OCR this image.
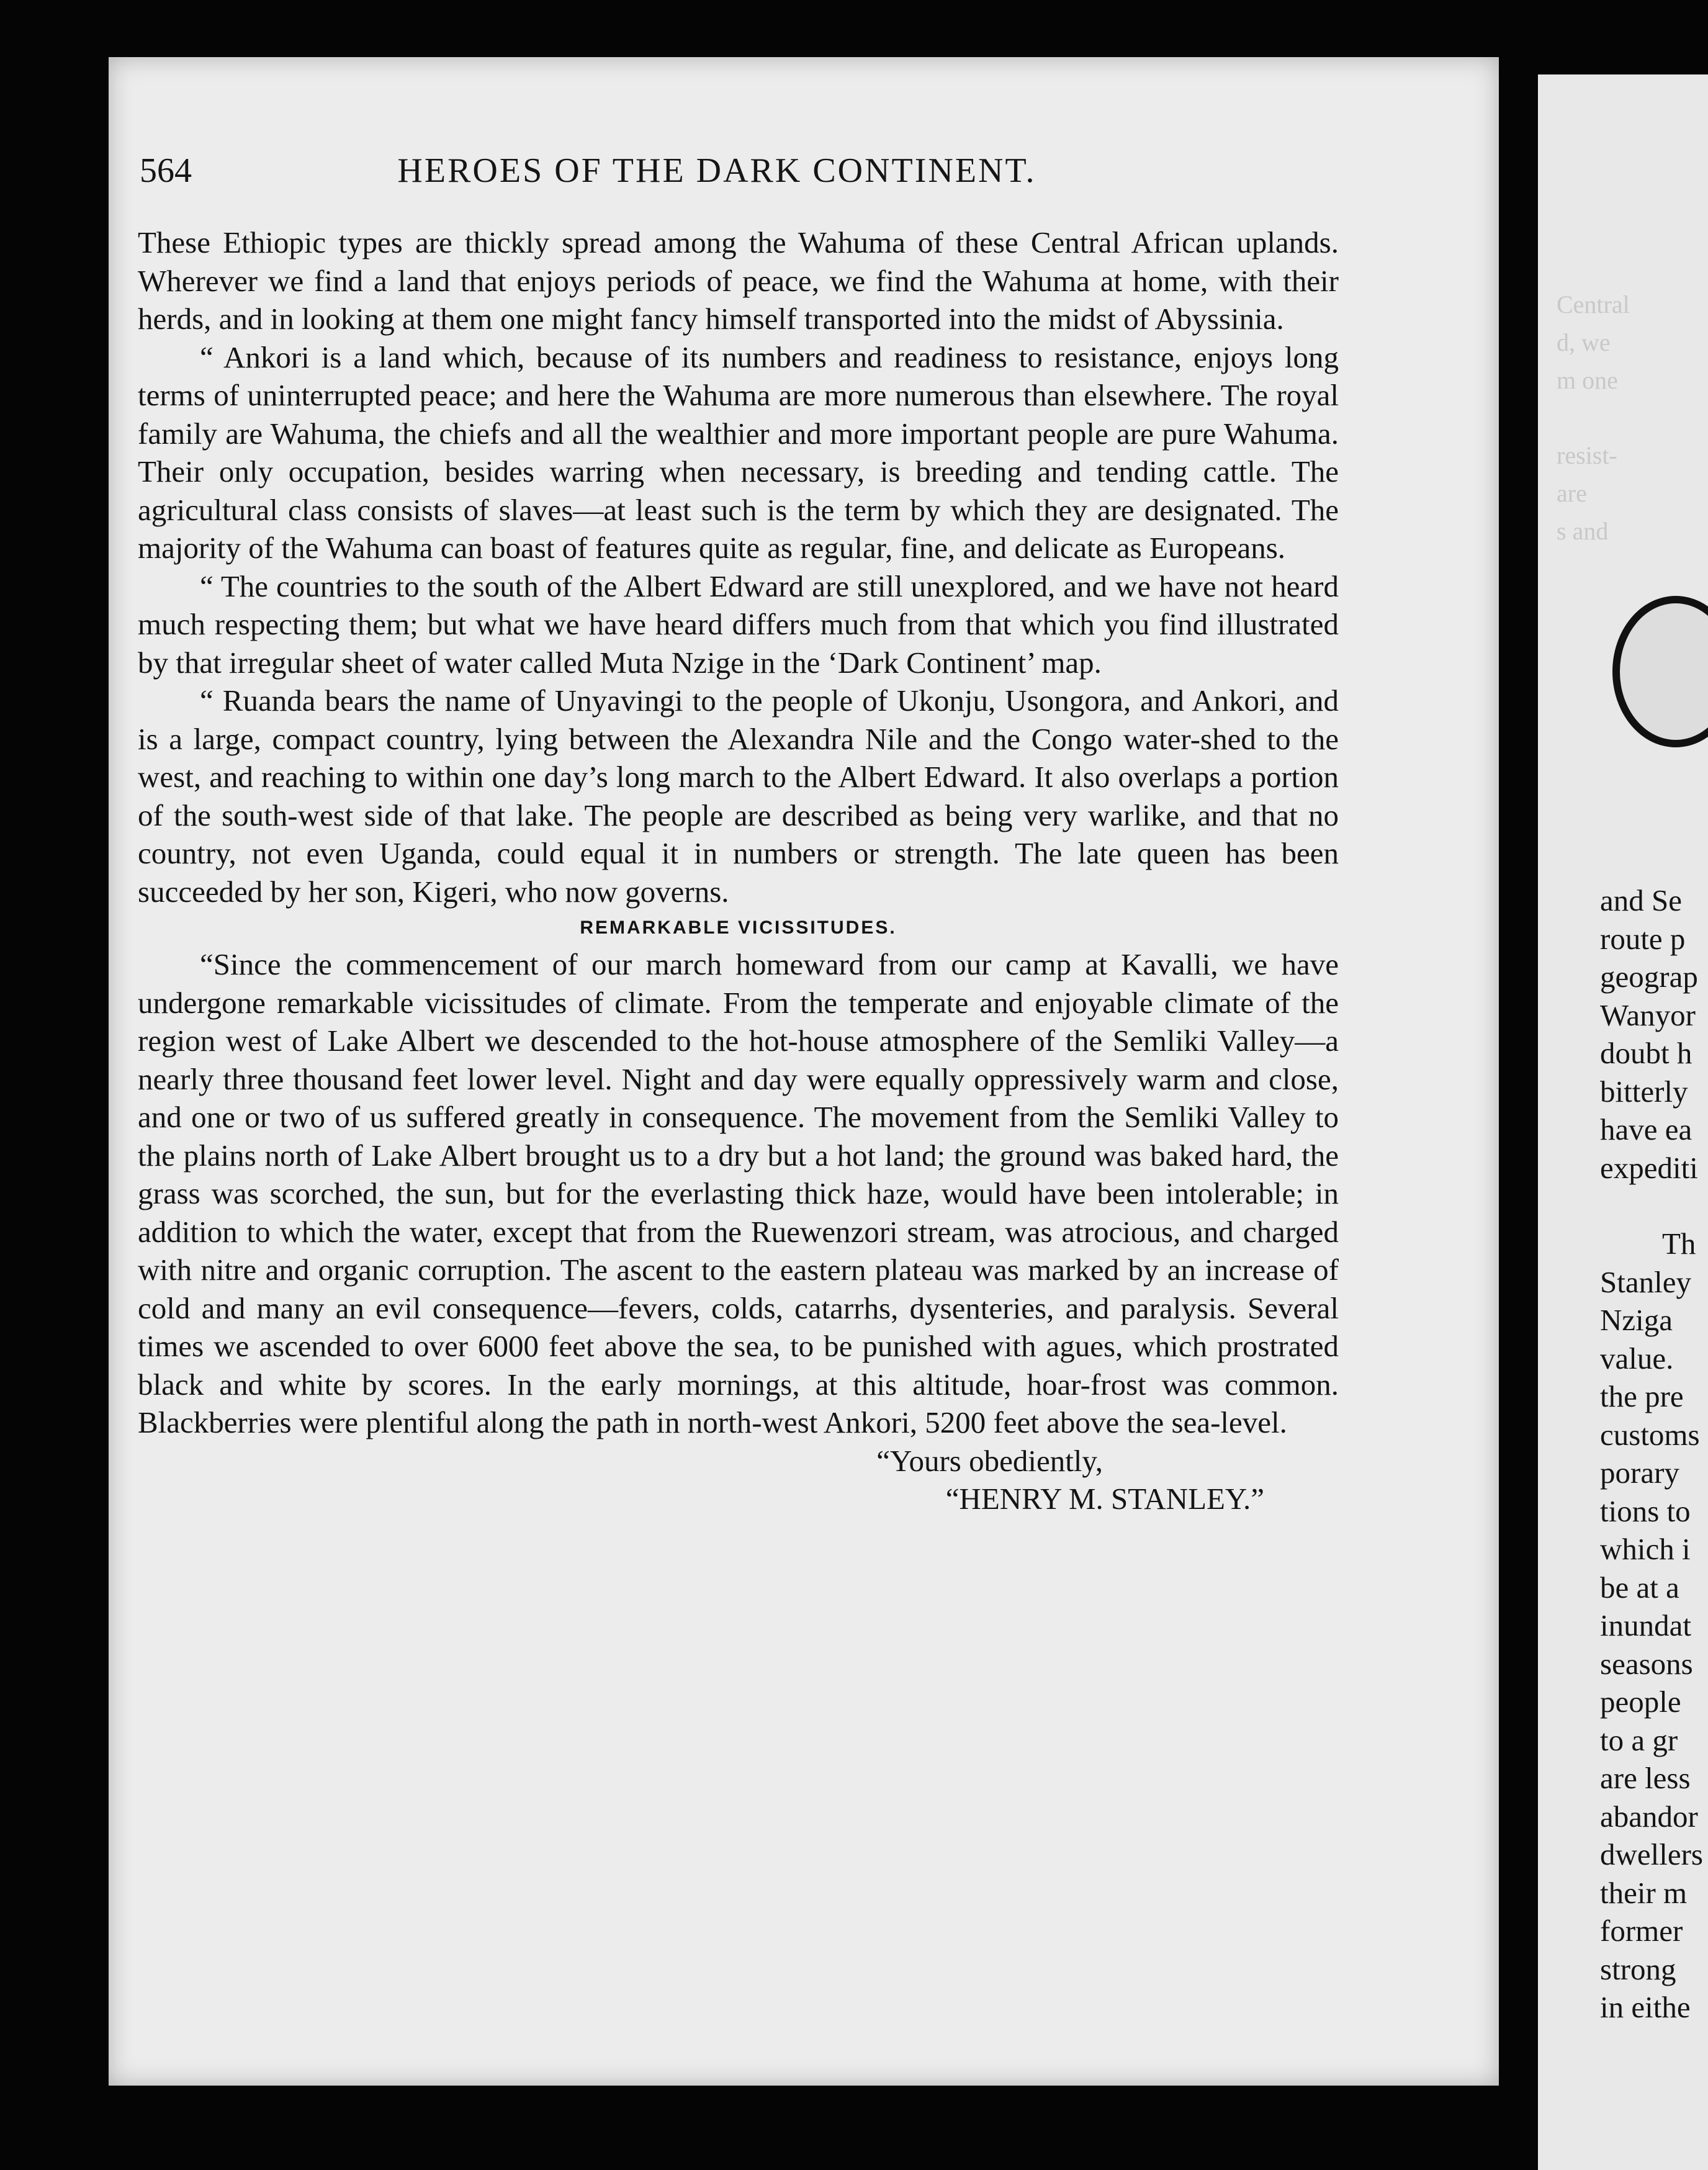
564	HEROES OF THE DARK CONTINENT.

These Ethiopic types are thickly spread among the Wahuma of these Central African uplands. Wherever we find a land that enjoys periods of peace, we find the Wahuma at home, with their herds, and in looking at them one might fancy himself transported into the midst of Abyssinia.

“ Ankori is a land which, because of its numbers and readiness to resistance, enjoys long terms of uninterrupted peace; and here the Wahuma are more numerous than elsewhere. The royal family are Wahuma, the chiefs and all the wealthier and more important people are pure Wahuma. Their only occupation, besides warring when necessary, is breeding and tending cattle. The agricultural class consists of slaves—at least such is the term by which they are designated. The majority of the Wahuma can boast of features quite as regular, fine, and delicate as Europeans.

“ The countries to the south of the Albert Edward are still unexplored, and we have not heard much respecting them; but what we have heard differs much from that which you find illustrated by that irregular sheet of water called Muta Nzige in the ‘Dark Continent’ map.

“ Ruanda bears the name of Unyavingi to the people of Ukonju, Usongora, and Ankori, and is a large, compact country, lying between the Alexandra Nile and the Congo water-shed to the west, and reaching to within one day’s long march to the Albert Edward. It also overlaps a portion of the south-west side of that lake. The people are described as being very warlike, and that no country, not even Uganda, could equal it in numbers or strength. The late queen has been succeeded by her son, Kigeri, who now governs.

REMARKABLE VICISSITUDES.

“Since the commencement of our march homeward from our camp at Kavalli, we have undergone remarkable vicissitudes of climate. From the temperate and enjoyable climate of the region west of Lake Albert we descended to the hot-house atmosphere of the Semliki Valley—a nearly three thousand feet lower level. Night and day were equally oppressively warm and close, and one or two of us suffered greatly in consequence. The movement from the Semliki Valley to the plains north of Lake Albert brought us to a dry but a hot land; the ground was baked hard, the grass was scorched, the sun, but for the everlasting thick haze, would have been intolerable; in addition to which the water, except that from the Ruewenzori stream, was atrocious, and charged with nitre and organic corruption. The ascent to the eastern plateau was marked by an increase of cold and many an evil consequence—fevers, colds, catarrhs, dysenteries, and paralysis. Several times we ascended to over 6000 feet above the sea, to be punished with agues, which prostrated black and white by scores. In the early mornings, at this altitude, hoar-frost was common. Blackberries were plentiful along the path in north-west Ankori, 5200 feet above the sea-level.

“Yours obediently,
“HENRY M. STANLEY.”
Central
d, we
m one
resist-
are
s and
and Se
route p
geograp
Wanyor
doubt h
bitterly
have ea
expediti
Th
Stanley
Nziga
value.
the pre
customs
porary
tions to
which i
be at a
inundat
seasons
people
to a gr
are less
abandor
dwellers
their m
former
strong
in eithe
